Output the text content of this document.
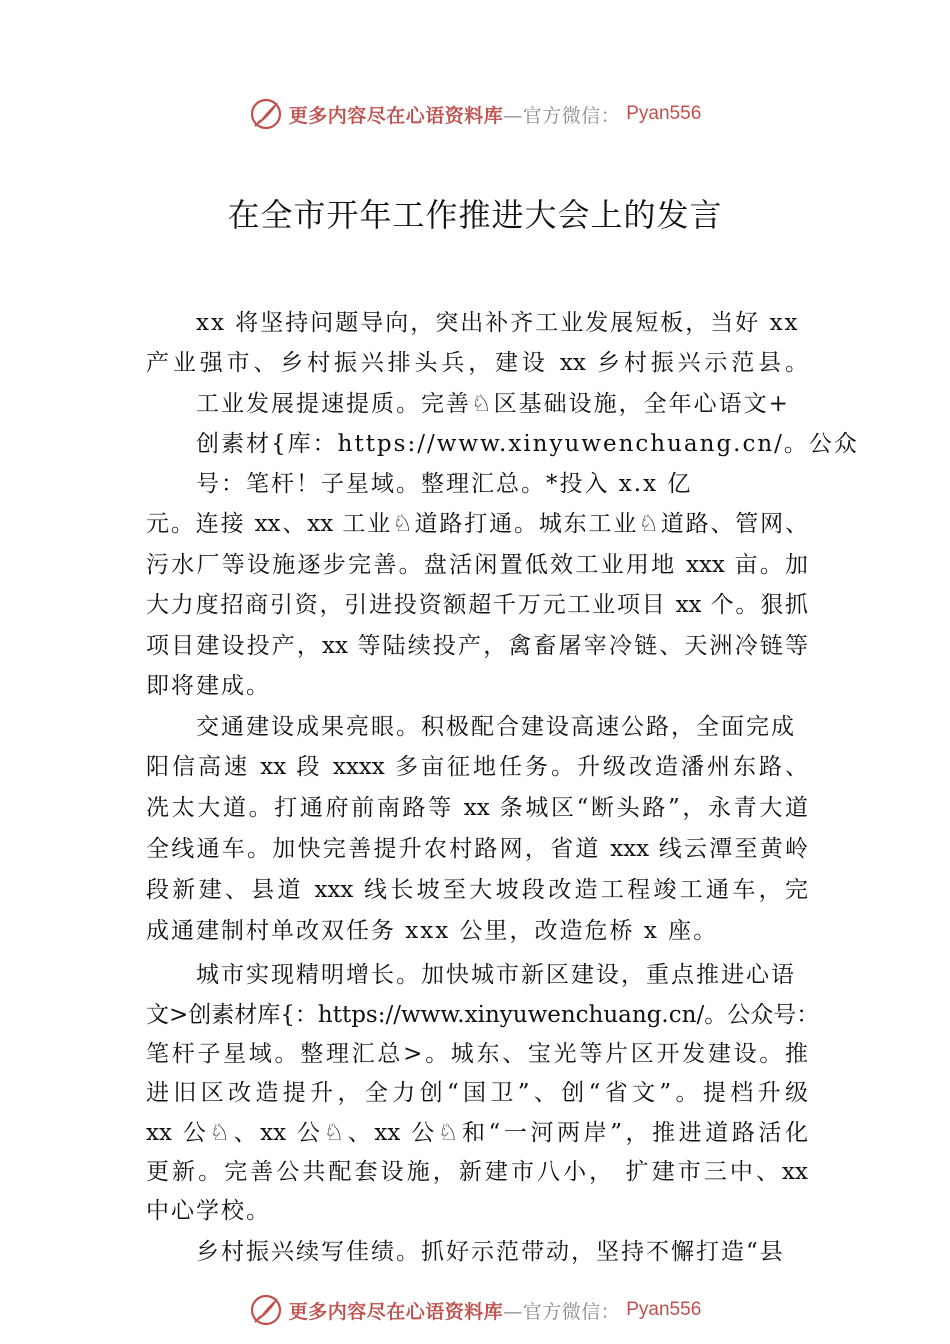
更多内容尽在心语资料库—官方微信： Pyan556
在全市开年工作推进大会上的发言
xx 将坚持问题导向，突出补齐工业发展短板，当好 xx
产业强市、乡村振兴排头兵，建设 xx 乡村振兴示范县。
工业发展提速提质。完善♘区基础设施，全年心语文+
创素材{库：https://www.xinyuwenchuang.cn/。公众
号：笔杆！子星域。整理汇总。*投入 x.x 亿
元。连接 xx、xx 工业♘道路打通。城东工业♘道路、管网、
污水厂等设施逐步完善。盘活闲置低效工业用地 xxx 亩。加
大力度招商引资，引进投资额超千万元工业项目 xx 个。狠抓
项目建设投产，xx 等陆续投产，禽畜屠宰冷链、天洲冷链等
即将建成。
交通建设成果亮眼。积极配合建设高速公路，全面完成
阳信高速 xx 段 xxxx 多亩征地任务。升级改造潘州东路、
冼太大道。打通府前南路等 xx 条城区“断头路”，永青大道
全线通车。加快完善提升农村路网，省道 xxx 线云潭至黄岭
段新建、县道 xxx 线长坡至大坡段改造工程竣工通车，完
成通建制村单改双任务 xxx 公里，改造危桥 x 座。
城市实现精明增长。加快城市新区建设，重点推进心语
文>创素材库{：https://www.xinyuwenchuang.cn/。公众号：
笔杆子星域。整理汇总>。城东、宝光等片区开发建设。推
进旧区改造提升，全力创“国卫”、创“省文”。提档升级
xx 公♘、xx 公♘、xx 公♘和“一河两岸”，推进道路活化
更新。完善公共配套设施，新建市八小， 扩建市三中、xx
中心学校。
乡村振兴续写佳绩。抓好示范带动，坚持不懈打造“县
更多内容尽在心语资料库—官方微信： Pyan556
